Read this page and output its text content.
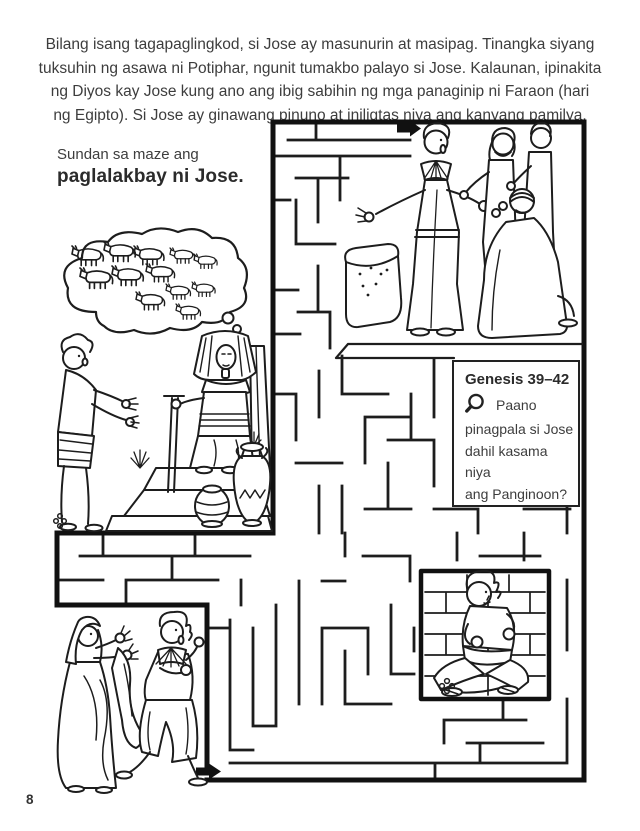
Bilang isang tagapaglingkod, si Jose ay masunurin at masipag. Tinangka siyang
tuksuhin ng asawa ni Potiphar, ngunit tumakbo palayo si Jose. Kalaunan, ipinakita
ng Diyos kay Jose kung ano ang ibig sabihin ng mga panaginip ni Faraon (hari
ng Egipto). Si Jose ay ginawang pinuno at iniligtas niya ang kanyang pamilya.
Sundan sa maze ang
paglalakbay ni Jose.
Genesis 39–42
Paano
pinagpala si Jose
dahil kasama niya
ang Panginoon?
8
